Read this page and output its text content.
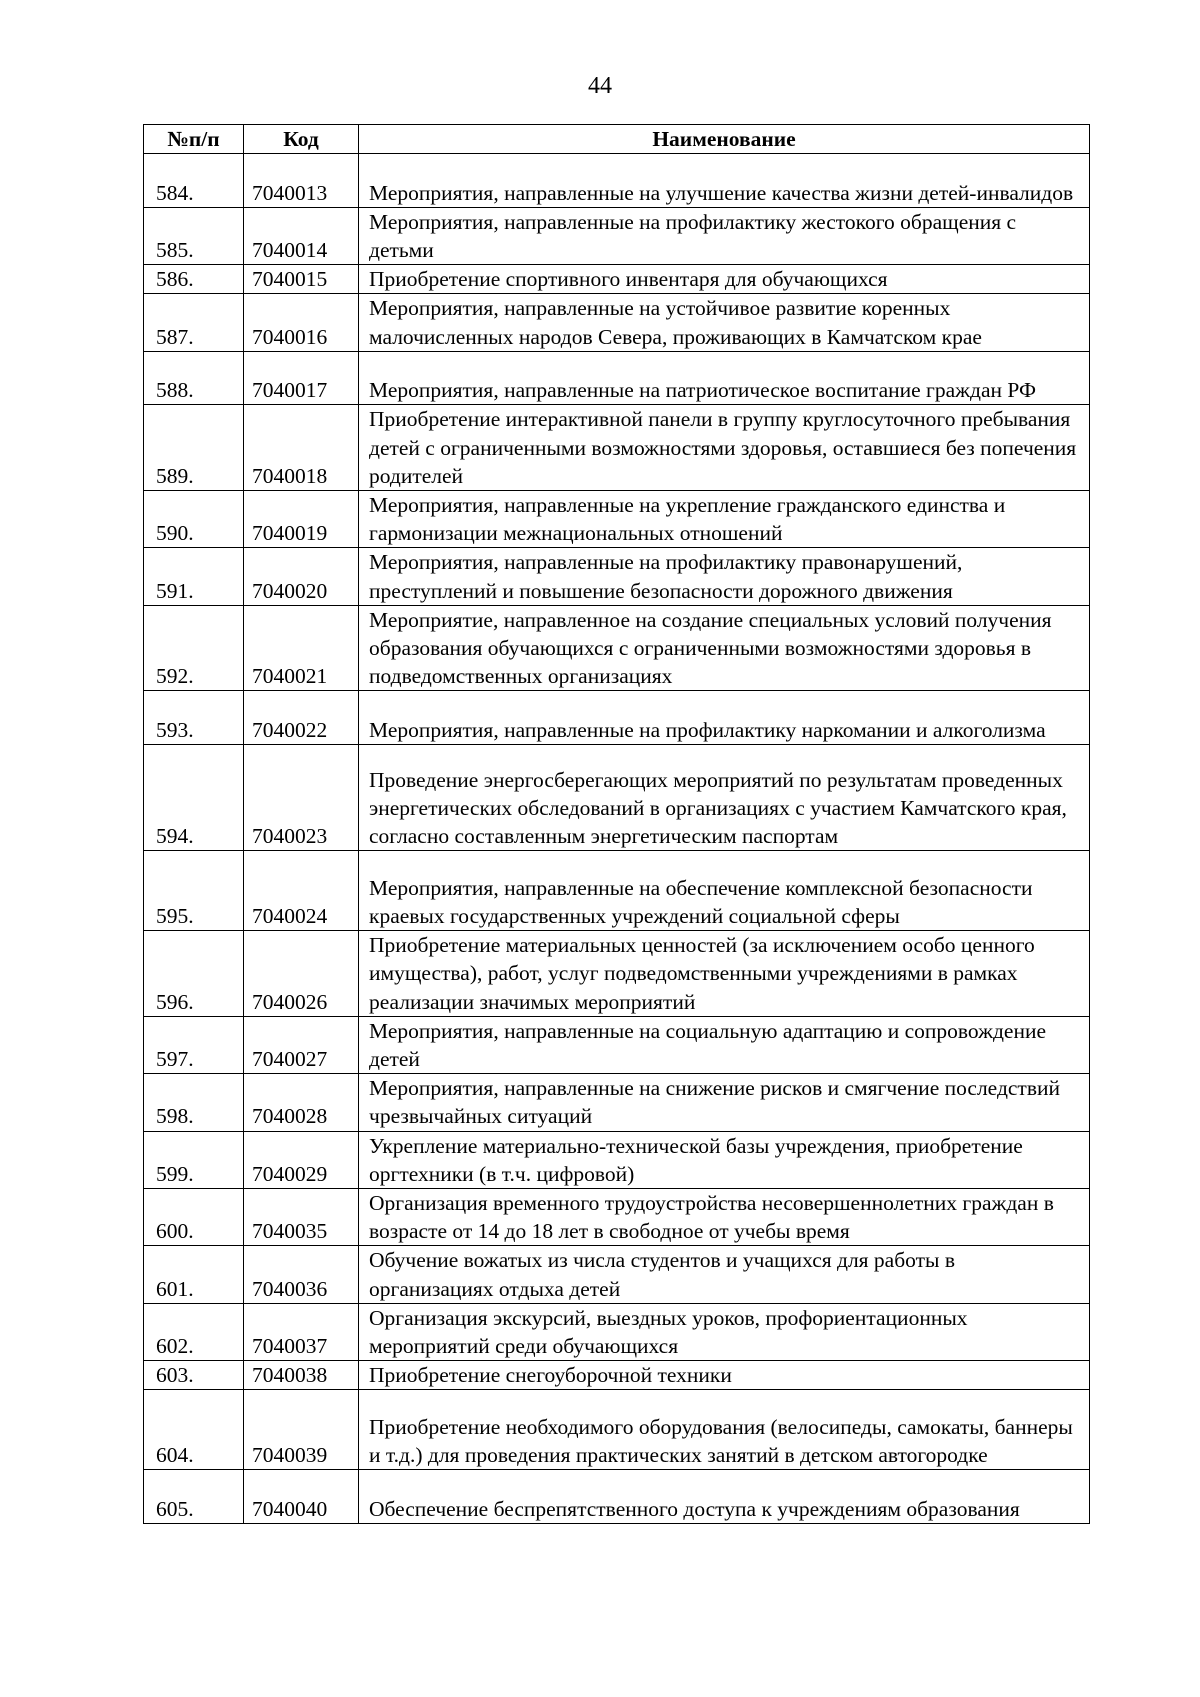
44
№п/п	Код	Наименование
584.	7040013	Мероприятия, направленные на улучшение качества жизни детей-инвалидов
585.	7040014	Мероприятия, направленные на профилактику жестокого обращения с детьми
586.	7040015	Приобретение спортивного инвентаря для обучающихся
587.	7040016	Мероприятия, направленные на устойчивое развитие коренных малочисленных народов Севера, проживающих в Камчатском крае
588.	7040017	Мероприятия, направленные на патриотическое воспитание граждан РФ
589.	7040018	Приобретение интерактивной панели в группу круглосуточного пребывания детей с ограниченными возможностями здоровья, оставшиеся без попечения родителей
590.	7040019	Мероприятия, направленные на укрепление гражданского единства и гармонизации межнациональных отношений
591.	7040020	Мероприятия, направленные на профилактику правонарушений, преступлений и повышение безопасности дорожного движения
592.	7040021	Мероприятие, направленное на создание специальных условий получения образования обучающихся с ограниченными возможностями здоровья в подведомственных организациях
593.	7040022	Мероприятия, направленные на профилактику наркомании и алкоголизма
594.	7040023	Проведение энергосберегающих мероприятий по результатам проведенных энергетических обследований в организациях с участием Камчатского края, согласно составленным энергетическим паспортам
595.	7040024	Мероприятия, направленные на обеспечение комплексной безопасности краевых государственных учреждений социальной сферы
596.	7040026	Приобретение материальных ценностей (за исключением особо ценного имущества), работ, услуг подведомственными учреждениями в рамках реализации значимых мероприятий
597.	7040027	Мероприятия, направленные на социальную адаптацию и сопровождение детей
598.	7040028	Мероприятия, направленные на снижение рисков и смягчение последствий чрезвычайных ситуаций
599.	7040029	Укрепление материально-технической базы учреждения, приобретение оргтехники (в т.ч. цифровой)
600.	7040035	Организация временного трудоустройства несовершеннолетних граждан в возрасте от 14 до 18 лет в свободное от учебы время
601.	7040036	Обучение вожатых из числа студентов и учащихся для работы в организациях отдыха детей
602.	7040037	Организация экскурсий, выездных уроков, профориентационных мероприятий среди обучающихся
603.	7040038	Приобретение снегоуборочной техники
604.	7040039	Приобретение необходимого оборудования (велосипеды, самокаты, баннеры и т.д.) для проведения практических занятий в детском автогородке
605.	7040040	Обеспечение беспрепятственного доступа к учреждениям образования
